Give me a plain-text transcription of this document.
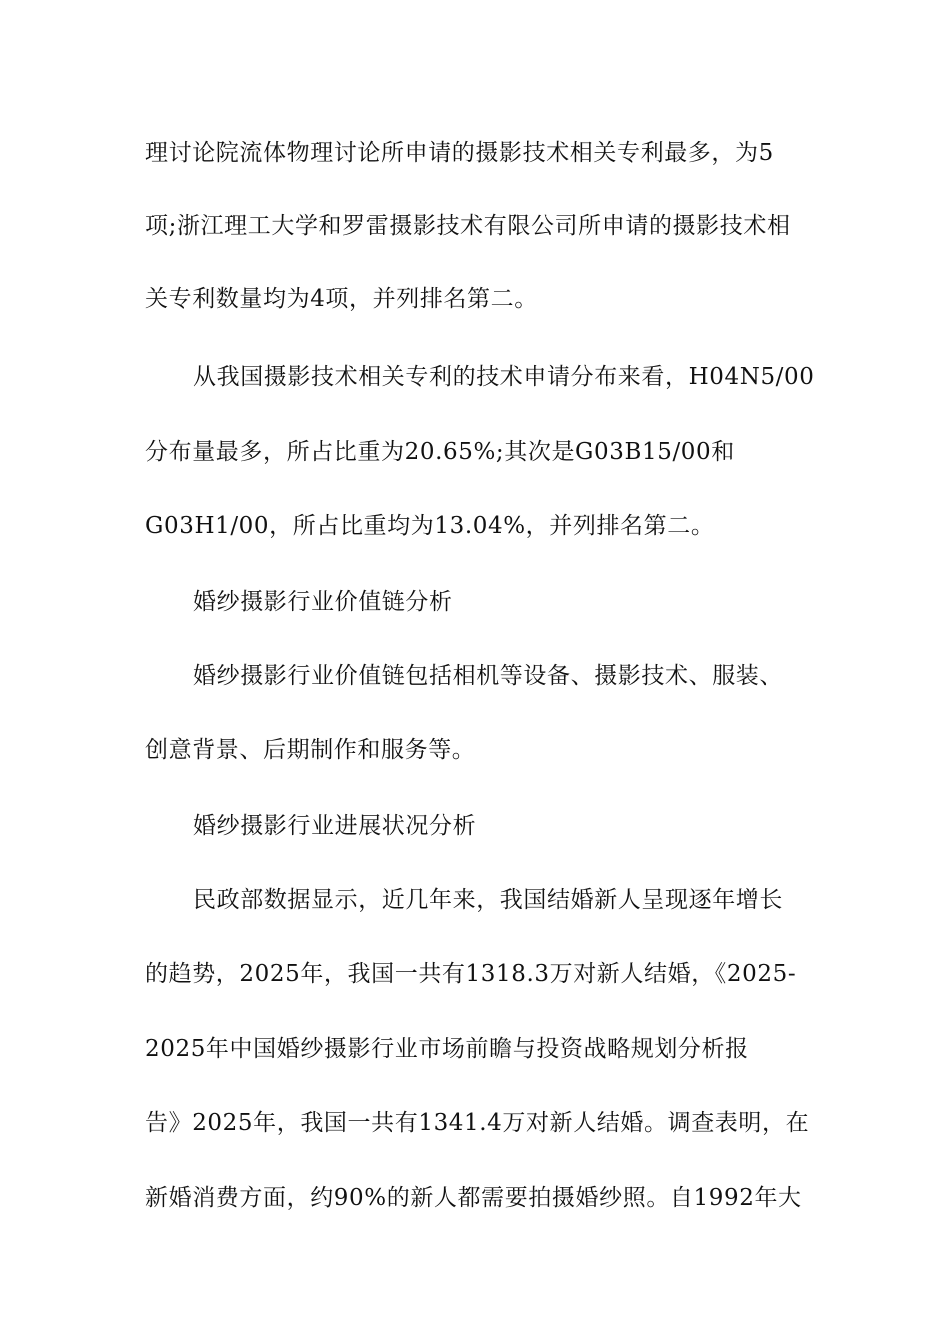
理讨论院流体物理讨论所申请的摄影技术相关专利最多，为5
项;浙江理工大学和罗雷摄影技术有限公司所申请的摄影技术相
关专利数量均为4项，并列排名第二。
从我国摄影技术相关专利的技术申请分布来看，H04N5/00
分布量最多，所占比重为20.65%;其次是G03B15/00和
G03H1/00，所占比重均为13.04%，并列排名第二。
婚纱摄影行业价值链分析
婚纱摄影行业价值链包括相机等设备、摄影技术、服装、
创意背景、后期制作和服务等。
婚纱摄影行业进展状况分析
民政部数据显示，近几年来，我国结婚新人呈现逐年增长
的趋势，2025年，我国一共有1318.3万对新人结婚，《2025-
2025年中国婚纱摄影行业市场前瞻与投资战略规划分析报
告》2025年，我国一共有1341.4万对新人结婚。调查表明，在
新婚消费方面，约90%的新人都需要拍摄婚纱照。自1992年大
